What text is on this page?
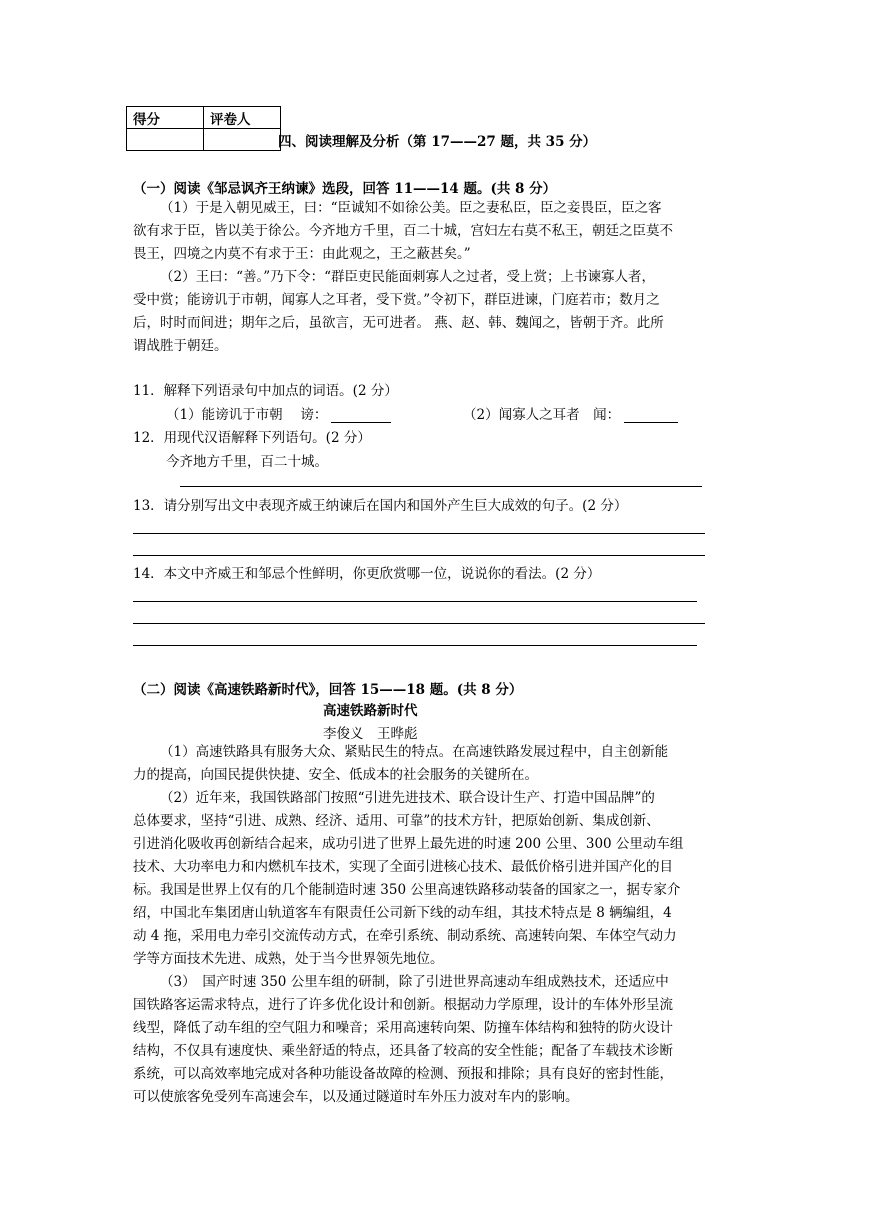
得分	评卷人

四、阅读理解及分析（第 17——27 题，共 35 分）
（一）阅读《邹忌讽齐王纳谏》选段，回答 11——14 题。(共 8 分）
（1）于是入朝见威王，曰：“臣诚知不如徐公美。臣之妻私臣，臣之妾畏臣，臣之客
欲有求于臣，皆以美于徐公。今齐地方千里，百二十城，宫妇左右莫不私王，朝廷之臣莫不
畏王，四境之内莫不有求于王：由此观之，王之蔽甚矣。”
（2）王曰：“善。”乃下令：“群臣吏民能面刺寡人之过者，受上赏；上书谏寡人者，
受中赏；能谤讥于市朝，闻寡人之耳者，受下赏。”令初下，群臣进谏，门庭若市；数月之
后，时时而间进；期年之后，虽欲言，无可进者。 燕、赵、韩、魏闻之，皆朝于齐。此所
谓战胜于朝廷。
11．解释下列语录句中加点的词语。(2 分）
（1）能谤讥于市朝　 谤：	（2）闻寡人之耳者　闻：
12．用现代汉语解释下列语句。(2 分）
今齐地方千里，百二十城。
13．请分别写出文中表现齐威王纳谏后在国内和国外产生巨大成效的句子。(2 分）
14．本文中齐威王和邹忌个性鲜明，你更欣赏哪一位，说说你的看法。(2 分）
（二）阅读《高速铁路新时代》，回答 15——18 题。(共 8 分）
高速铁路新时代
李俊义　王晔彪
（1）高速铁路具有服务大众、紧贴民生的特点。在高速铁路发展过程中，自主创新能
力的提高，向国民提供快捷、安全、低成本的社会服务的关键所在。
（2）近年来，我国铁路部门按照“引进先进技术、联合设计生产、打造中国品牌”的
总体要求，坚持“引进、成熟、经济、适用、可靠”的技术方针，把原始创新、集成创新、
引进消化吸收再创新结合起来，成功引进了世界上最先进的时速 200 公里、300 公里动车组
技术、大功率电力和内燃机车技术，实现了全面引进核心技术、最低价格引进并国产化的目
标。我国是世界上仅有的几个能制造时速 350 公里高速铁路移动装备的国家之一，据专家介
绍，中国北车集团唐山轨道客车有限责任公司新下线的动车组，其技术特点是 8 辆编组，4
动 4 拖，采用电力牵引交流传动方式，在牵引系统、制动系统、高速转向架、车体空气动力
学等方面技术先进、成熟，处于当今世界领先地位。
（3）　国产时速 350 公里车组的研制，除了引进世界高速动车组成熟技术，还适应中
国铁路客运需求特点，进行了许多优化设计和创新。根据动力学原理，设计的车体外形呈流
线型，降低了动车组的空气阻力和噪音；采用高速转向架、防撞车体结构和独特的防火设计
结构，不仅具有速度快、乘坐舒适的特点，还具备了较高的安全性能；配备了车载技术诊断
系统，可以高效率地完成对各种功能设备故障的检测、预报和排除；具有良好的密封性能，
可以使旅客免受列车高速会车，以及通过隧道时车外压力波对车内的影响。
